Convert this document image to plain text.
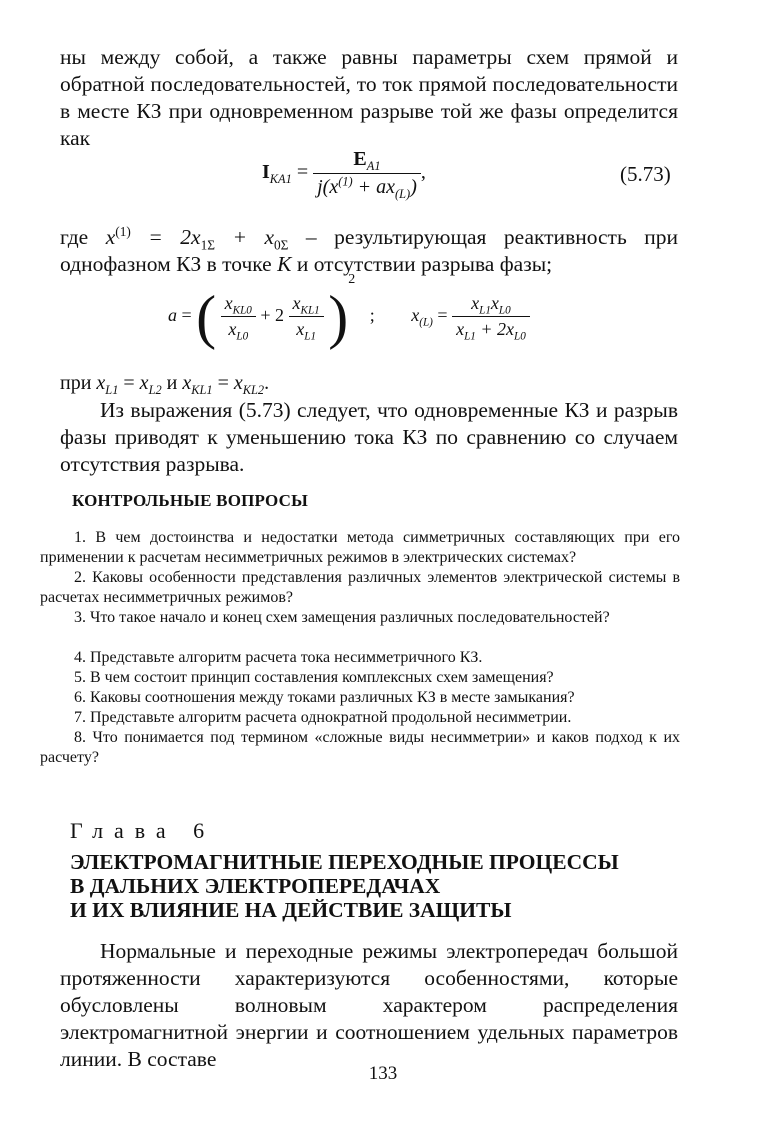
ны между собой, а также равны параметры схем прямой и обратной последовательностей, то ток прямой последовательности в месте КЗ при одновременном разрыве той же фазы определится как

$I_{KA1} = \frac{E_{A1}}{j(x^{(1)} + ax_{(L)})}$ ,	(5.73)

где $x^{(1)} = 2x_{1\Sigma} + x_{0\Sigma}$ – результирующая реактивность при однофазном КЗ в точке K и отсутствии разрыва фазы;

a = ( $\frac{x_{KL0}}{x_{L0}} + 2 \frac{x_{KL1}}{x_{L1}} )^2$ ; $x_{(L)} = \frac{x_{L1}x_{L0}}{x_{L1} + 2x_{L0}}$

при $x_{L1} = x_{L2}$ и $x_{KL1} = x_{KL2}$.

Из выражения (5.73) следует, что одновременные КЗ и разрыв фазы приводят к уменьшению тока КЗ по сравнению со случаем отсутствия разрыва.

КОНТРОЛЬНЫЕ ВОПРОСЫ

1. В чем достоинства и недостатки метода симметричных составляющих при его применении к расчетам несимметричных режимов в электрических системах?

2. Каковы особенности представления различных элементов электрической системы в расчетах несимметричных режимов?

3. Что такое начало и конец схем замещения различных последовательностей?

4. Представьте алгоритм расчета тока несимметричного КЗ.

5. В чем состоит принцип составления комплексных схем замещения?

6. Каковы соотношения между токами различных КЗ в месте замыкания?

7. Представьте алгоритм расчета однократной продольной несимметрии.

8. Что понимается под термином «сложные виды несимметрии» и каков подход к их расчету?

Глава 6

ЭЛЕКТРОМАГНИТНЫЕ ПЕРЕХОДНЫЕ ПРОЦЕССЫ
В ДАЛЬНИХ ЭЛЕКТРОПЕРЕДАЧАХ
И ИХ ВЛИЯНИЕ НА ДЕЙСТВИЕ ЗАЩИТЫ

Нормальные и переходные режимы электропередач большой протяженности характеризуются особенностями, которые обусловлены волновым характером распределения электромагнитной энергии и соотношением удельных параметров линии. В составе

133
